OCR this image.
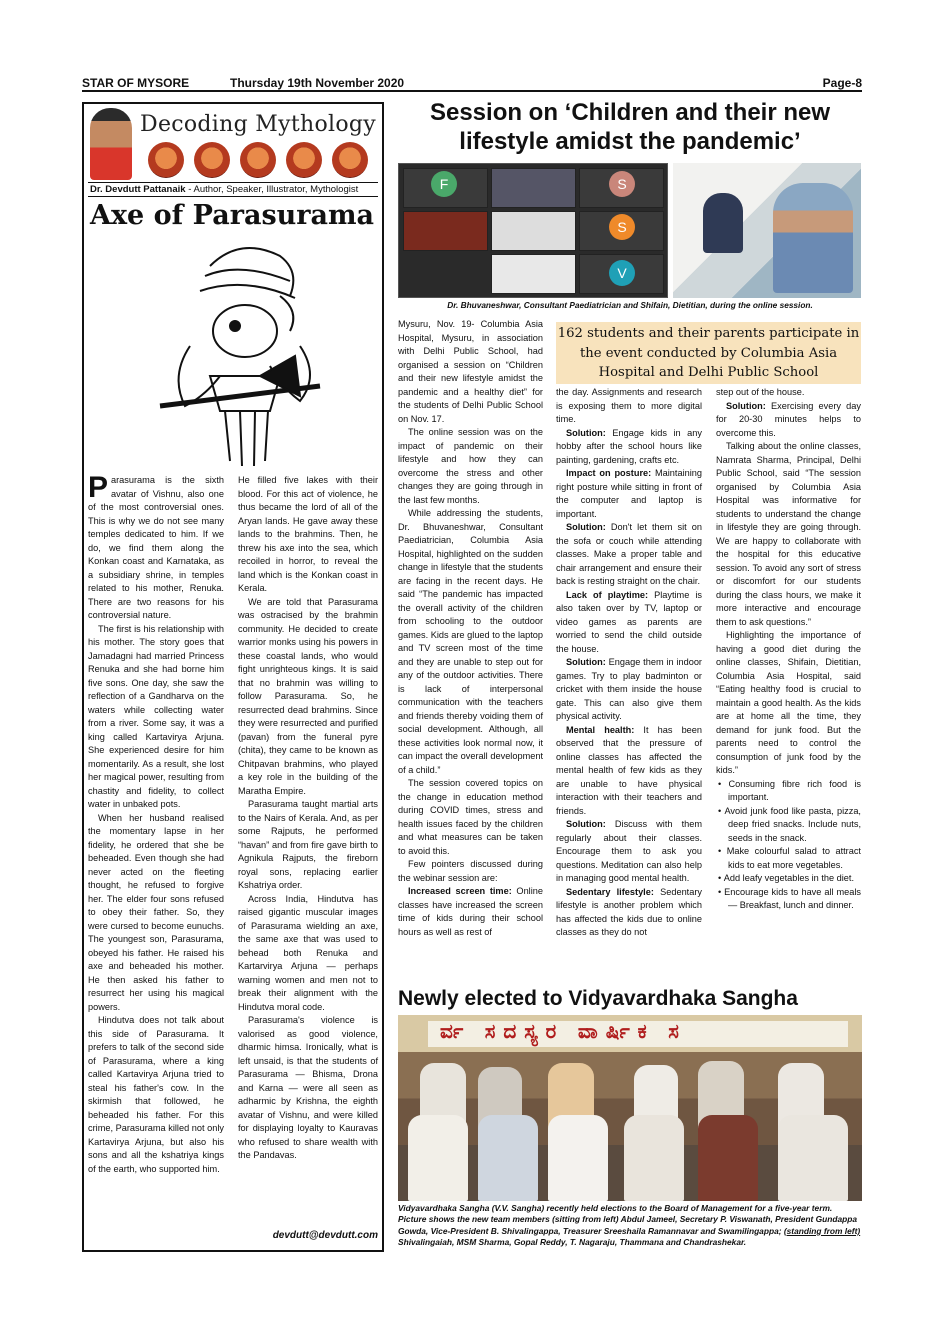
STAR OF MYSORE	Thursday 19th November 2020	Page-8
Decoding Mythology
Dr. Devdutt Pattanaik - Author, Speaker, Illustrator, Mythologist
Axe of Parasurama

Parasurama is the sixth avatar of Vishnu, also one of the most controversial ones. This is why we do not see many temples dedicated to him. If we do, we find them along the Konkan coast and Karnataka, as a subsidiary shrine, in temples related to his mother, Renuka. There are two reasons for his controversial nature.

The first is his relationship with his mother. The story goes that Jamadagni had married Princess Renuka and she had borne him five sons. One day, she saw the reflection of a Gandharva on the waters while collecting water from a river. Some say, it was a king called Kartavirya Arjuna. She experienced desire for him momentarily. As a result, she lost her magical power, resulting from chastity and fidelity, to collect water in unbaked pots.

When her husband realised the momentary lapse in her fidelity, he ordered that she be beheaded. Even though she had never acted on the fleeting thought, he refused to forgive her. The elder four sons refused to obey their father. So, they were cursed to become eunuchs. The youngest son, Parasurama, obeyed his father. He raised his axe and beheaded his mother. He then asked his father to resurrect her using his magical powers.

Hindutva does not talk about this side of Parasurama. It prefers to talk of the second side of Parasurama, where a king called Kartavirya Arjuna tried to steal his father's cow. In the skirmish that followed, he beheaded his father. For this crime, Parasurama killed not only Kartavirya Arjuna, but also his sons and all the kshatriya kings of the earth, who supported him.

He filled five lakes with their blood. For this act of violence, he thus became the lord of all of the Aryan lands. He gave away these lands to the brahmins. Then, he threw his axe into the sea, which recoiled in horror, to reveal the land which is the Konkan coast in Kerala.

We are told that Parasurama was ostracised by the brahmin community. He decided to create warrior monks using his powers in these coastal lands, who would fight unrighteous kings. It is said that no brahmin was willing to follow Parasurama. So, he resurrected dead brahmins. Since they were resurrected and purified (pavan) from the funeral pyre (chita), they came to be known as Chitpavan brahmins, who played a key role in the building of the Maratha Empire.

Parasurama taught martial arts to the Nairs of Kerala. And, as per some Rajputs, he performed “havan” and from fire gave birth to Agnikula Rajputs, the fireborn royal sons, replacing earlier Kshatriya order.

Across India, Hindutva has raised gigantic muscular images of Parasurama wielding an axe, the same axe that was used to behead both Renuka and Kartarvirya Arjuna — perhaps warning women and men not to break their alignment with the Hindutva moral code.

Parasurama's violence is valorised as good violence, dharmic himsa. Ironically, what is left unsaid, is that the students of Parasurama — Bhisma, Drona and Karna — were all seen as adharmic by Krishna, the eighth avatar of Vishnu, and were killed for displaying loyalty to Kauravas who refused to share wealth with the Pandavas.

devdutt@devdutt.com
Session on ‘Children and their new lifestyle amidst the pandemic’
F	S
S
V
Dr. Bhuvaneshwar, Consultant Paediatrician and Shifain, Dietitian, during the online session.

Mysuru, Nov. 19- Columbia Asia Hospital, Mysuru, in association with Delhi Public School, had organised a session on “Children and their new lifestyle amidst the pandemic and a healthy diet” for the students of Delhi Public School on Nov. 17.

The online session was on the impact of pandemic on their lifestyle and how they can overcome the stress and other changes they are going through in the last few months.

While addressing the students, Dr. Bhuvaneshwar, Consultant Paediatrician, Columbia Asia Hospital, highlighted on the sudden change in lifestyle that the students are facing in the recent days. He said “The pandemic has impacted the overall activity of the children from schooling to the outdoor games. Kids are glued to the laptop and TV screen most of the time and they are unable to step out for any of the outdoor activities. There is lack of interpersonal communication with the teachers and friends thereby voiding them of social development. Although, all these activities look normal now, it can impact the overall development of a child.”

The session covered topics on the change in education method during COVID times, stress and health issues faced by the children and what measures can be taken to avoid this.

Few pointers discussed during the webinar session are:

Increased screen time: Online classes have increased the screen time of kids during their school hours as well as rest of

162 students and their parents participate in the event conducted by Columbia Asia Hospital and Delhi Public School

the day. Assignments and research is exposing them to more digital time.

Solution: Engage kids in any hobby after the school hours like painting, gardening, crafts etc.

Impact on posture: Maintaining right posture while sitting in front of the computer and laptop is important.

Solution: Don't let them sit on the sofa or couch while attending classes. Make a proper table and chair arrangement and ensure their back is resting straight on the chair.

Lack of playtime: Playtime is also taken over by TV, laptop or video games as parents are worried to send the child outside the house.

Solution: Engage them in indoor games. Try to play badminton or cricket with them inside the house gate. This can also give them physical activity.

Mental health: It has been observed that the pressure of online classes has affected the mental health of few kids as they are unable to have physical interaction with their teachers and friends.

Solution: Discuss with them regularly about their classes. Encourage them to ask you questions. Meditation can also help in managing good mental health.

Sedentary lifestyle: Sedentary lifestyle is another problem which has affected the kids due to online classes as they do not

step out of the house.

Solution: Exercising every day for 20-30 minutes helps to overcome this.

Talking about the online classes, Namrata Sharma, Principal, Delhi Public School, said “The session organised by Columbia Asia Hospital was informative for students to understand the change in lifestyle they are going through. We are happy to collaborate with the hospital for this educative session. To avoid any sort of stress or discomfort for our students during the class hours, we make it more interactive and encourage them to ask questions.”

Highlighting the importance of having a good diet during the online classes, Shifain, Dietitian, Columbia Asia Hospital, said “Eating healthy food is crucial to maintain a good health. As the kids are at home all the time, they demand for junk food. But the parents need to control the consumption of junk food by the kids.”

• Consuming fibre rich food is important.

• Avoid junk food like pasta, pizza, deep fried snacks. Include nuts, seeds in the snack.

• Make colourful salad to attract kids to eat more vegetables.

• Add leafy vegetables in the diet.

• Encourage kids to have all meals — Breakfast, lunch and dinner.

Newly elected to Vidyavardhaka Sangha
ರ್ವ ಸದಸ್ಯರ ವಾರ್ಷಿಕ ಸ
Vidyavardhaka Sangha (V.V. Sangha) recently held elections to the Board of Management for a five-year term. Picture shows the new team members (sitting from left) Abdul Jameel, Secretary P. Viswanath, President Gundappa Gowda, Vice-President B. Shivalingappa, Treasurer Sreeshaila Ramannavar and Swamilingappa; (standing from left) Shivalingaiah, MSM Sharma, Gopal Reddy, T. Nagaraju, Thammana and Chandrashekar.
